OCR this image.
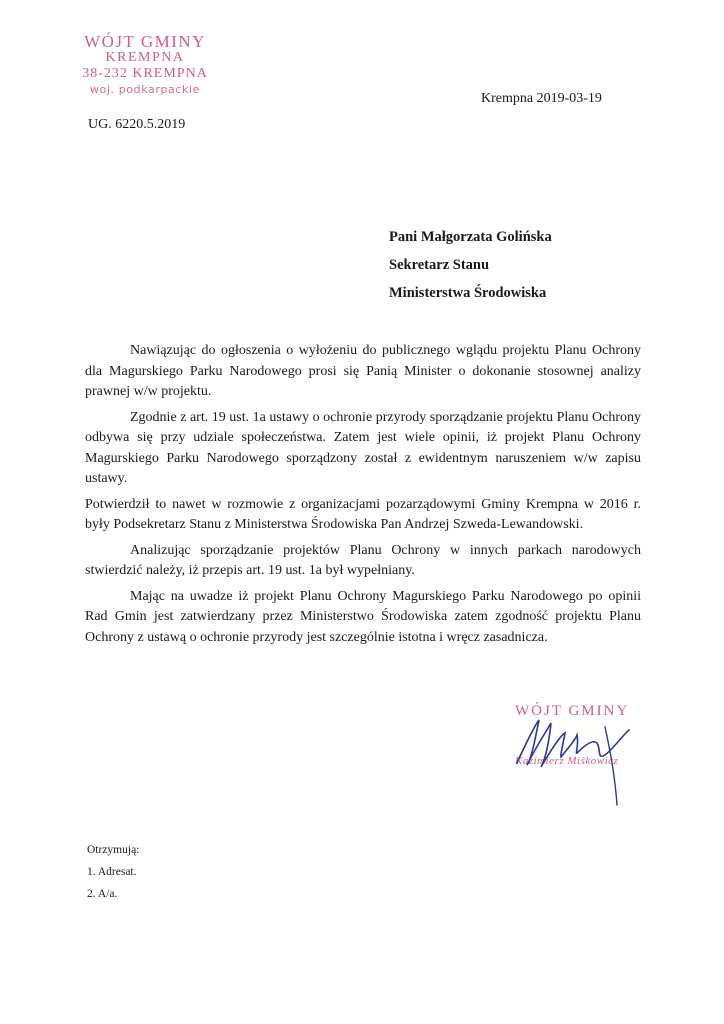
WÓJT GMINY
KREMPNA
38-232 KREMPNA
woj. podkarpackie
Krempna 2019-03-19
UG. 6220.5.2019
Pani Małgorzata Golińska
Sekretarz Stanu
Ministerstwa Środowiska

Nawiązując do ogłoszenia o wyłożeniu do publicznego wglądu projektu Planu Ochrony dla Magurskiego Parku Narodowego prosi się Panią Minister o dokonanie stosownej analizy prawnej w/w projektu.

Zgodnie z art. 19 ust. 1a ustawy o ochronie przyrody sporządzanie projektu Planu Ochrony odbywa się przy udziale społeczeństwa. Zatem jest wiele opinii, iż projekt Planu Ochrony Magurskiego Parku Narodowego sporządzony został z ewidentnym naruszeniem w/w zapisu ustawy.

Potwierdził to nawet w rozmowie z organizacjami pozarządowymi Gminy Krempna w 2016 r. były Podsekretarz Stanu z Ministerstwa Środowiska Pan Andrzej Szweda-Lewandowski.

Analizując sporządzanie projektów Planu Ochrony w innych parkach narodowych stwierdzić należy, iż przepis art. 19 ust. 1a był wypełniany.

Mając na uwadze iż projekt Planu Ochrony Magurskiego Parku Narodowego po opinii Rad Gmin jest zatwierdzany przez Ministerstwo Środowiska zatem zgodność projektu Planu Ochrony z ustawą o ochronie przyrody jest szczególnie istotna i wręcz zasadnicza.

WÓJT GMINY
Kazimierz Miśkowicz
Otrzymują:
1. Adresat.
2. A/a.
